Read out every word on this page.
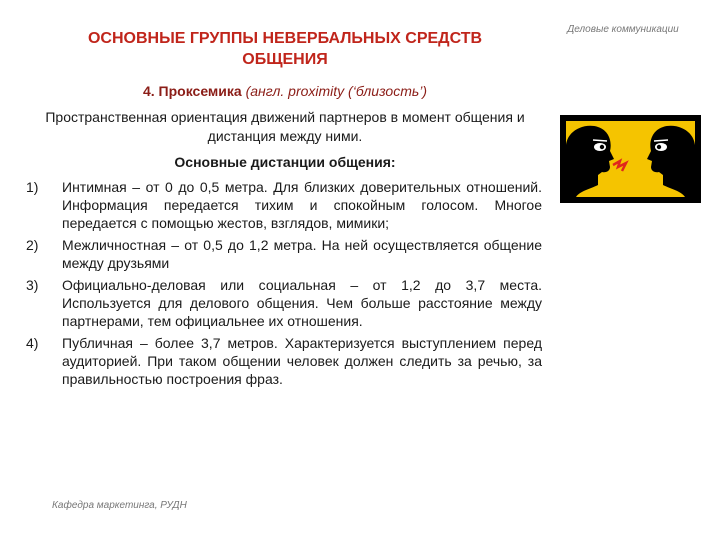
Деловые коммуникации
ОСНОВНЫЕ ГРУППЫ НЕВЕРБАЛЬНЫХ СРЕДСТВ ОБЩЕНИЯ
4. Проксемика (англ. proximity (‘близость’)
Пространственная ориентация движений партнеров в момент общения и дистанция между ними.
Основные дистанции общения:
1)	Интимная – от 0 до 0,5 метра. Для близких доверительных отношений. Информация передается тихим и спокойным голосом. Многое передается с помощью жестов, взглядов, мимики;
2)	Межличностная – от 0,5 до 1,2 метра. На ней осуществляется общение между друзьями
3)	Официально-деловая или социальная – от 1,2 до 3,7 места. Используется для делового общения. Чем больше расстояние между партнерами, тем официальнее их отношения.
4)	Публичная – более 3,7 метров. Характеризуется выступлением перед аудиторией. При таком общении человек должен следить за речью, за правильностью построения фраз.
Кафедра маркетинга, РУДН
